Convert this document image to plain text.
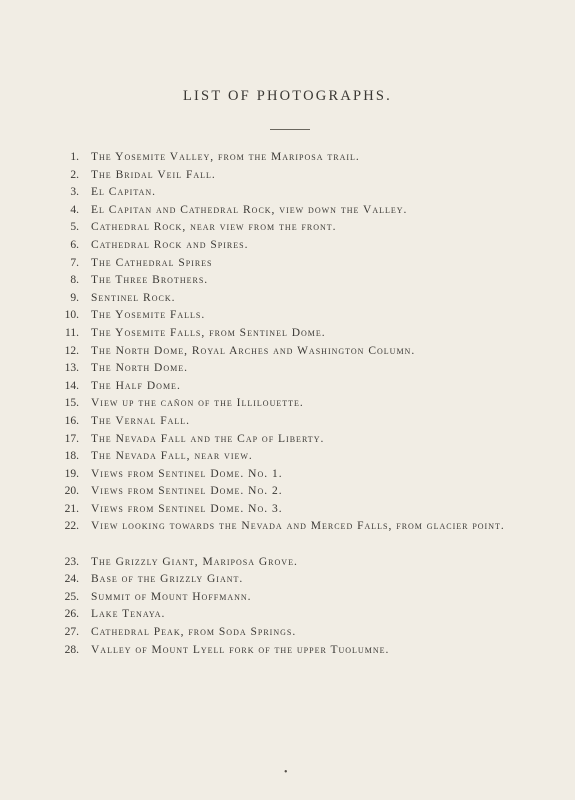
LIST OF PHOTOGRAPHS.
1. The Yosemite Valley, from the Mariposa trail.
2. The Bridal Veil Fall.
3. El Capitan.
4. El Capitan and Cathedral Rock, view down the Valley.
5. Cathedral Rock, near view from the front.
6. Cathedral Rock and Spires.
7. The Cathedral Spires
8. The Three Brothers.
9. Sentinel Rock.
10. The Yosemite Falls.
11. The Yosemite Falls, from Sentinel Dome.
12. The North Dome, Royal Arches and Washington Column.
13. The North Dome.
14. The Half Dome.
15. View up the cañon of the Illilouette.
16. The Vernal Fall.
17. The Nevada Fall and the Cap of Liberty.
18. The Nevada Fall, near view.
19. Views from Sentinel Dome. No. 1.
20. Views from Sentinel Dome. No. 2.
21. Views from Sentinel Dome. No. 3.
22. View looking towards the Nevada and Merced Falls, from glacier point.
23. The Grizzly Giant, Mariposa Grove.
24. Base of the Grizzly Giant.
25. Summit of Mount Hoffmann.
26. Lake Tenaya.
27. Cathedral Peak, from Soda Springs.
28. Valley of Mount Lyell fork of the upper Tuolumne.
•
